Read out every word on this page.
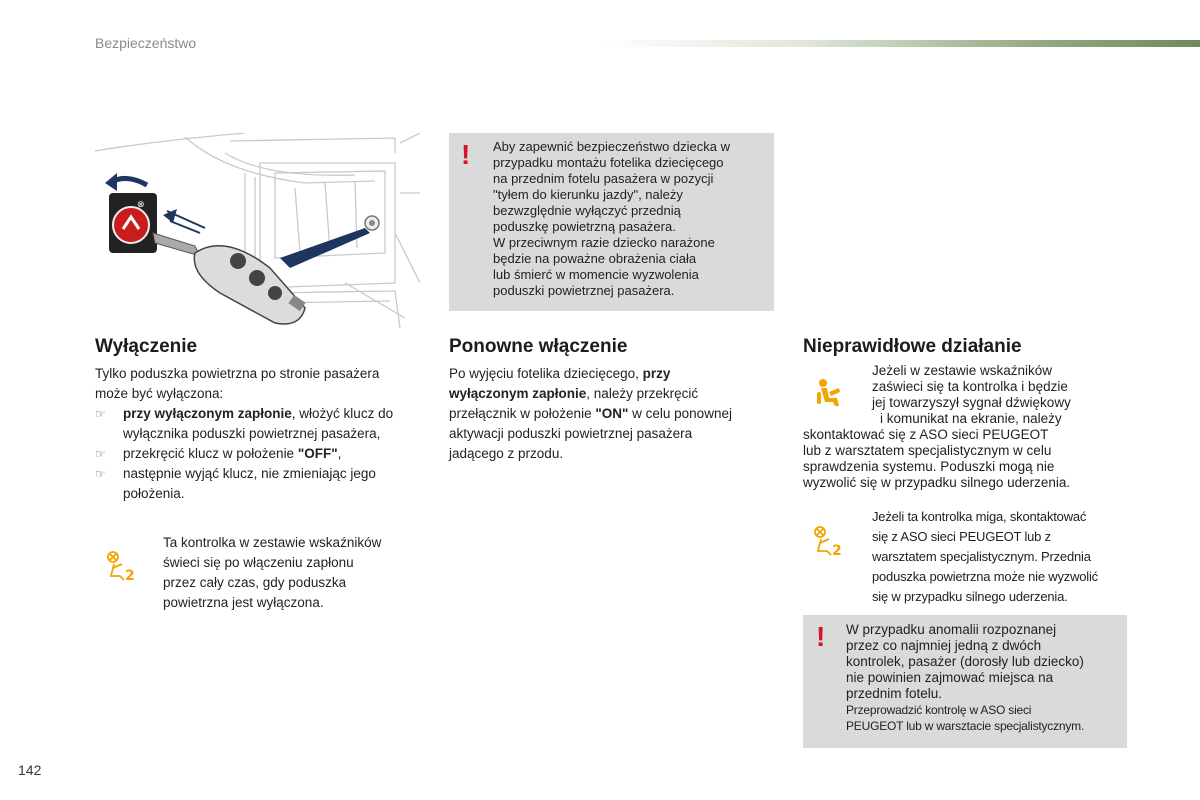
Bezpieczeństwo
⊗
! Aby zapewnić bezpieczeństwo dziecka w
przypadku montażu fotelika dziecięcego
na przednim fotelu pasażera w pozycji
"tyłem do kierunku jazdy", należy
bezwzględnie wyłączyć przednią
poduszkę powietrzną pasażera.
W przeciwnym razie dziecko narażone
będzie na poważne obrażenia ciała
lub śmierć w momencie wyzwolenia
poduszki powietrznej pasażera.
Wyłączenie

Tylko poduszka powietrzna po stronie pasażera

może być wyłączona:

☞ przy wyłączonym zapłonie, włożyć klucz do
wyłącznika poduszki powietrznej pasażera,
☞ przekręcić klucz w położenie "OFF",
☞ następnie wyjąć klucz, nie zmieniając jego
położenia.
2

Ta kontrolka w zestawie wskaźników

świeci się po włączeniu zapłonu

przez cały czas, gdy poduszka

powietrzna jest wyłączona.

Ponowne włączenie

Po wyjęciu fotelika dziecięcego, przy

wyłączonym zapłonie, należy przekręcić

przełącznik w położenie "ON" w celu ponownej

aktywacji poduszki powietrznej pasażera

jadącego z przodu.

Nieprawidłowe działanie
Jeżeli w zestawie wskaźników
zaświeci się ta kontrolka i będzie
jej towarzyszył sygnał dźwiękowy
i komunikat na ekranie, należy
skontaktować się z ASO sieci PEUGEOT
lub z warsztatem specjalistycznym w celu
sprawdzenia systemu. Poduszki mogą nie
wyzwolić się w przypadku silnego uderzenia.
2
Jeżeli ta kontrolka miga, skontaktować
się z ASO sieci PEUGEOT lub z
warsztatem specjalistycznym. Przednia
poduszka powietrzna może nie wyzwolić
się w przypadku silnego uderzenia.
! W przypadku anomalii rozpoznanej
przez co najmniej jedną z dwóch
kontrolek, pasażer (dorosły lub dziecko)
nie powinien zajmować miejsca na
przednim fotelu.
Przeprowadzić kontrolę w ASO sieci
PEUGEOT lub w warsztacie specjalistycznym.
142
